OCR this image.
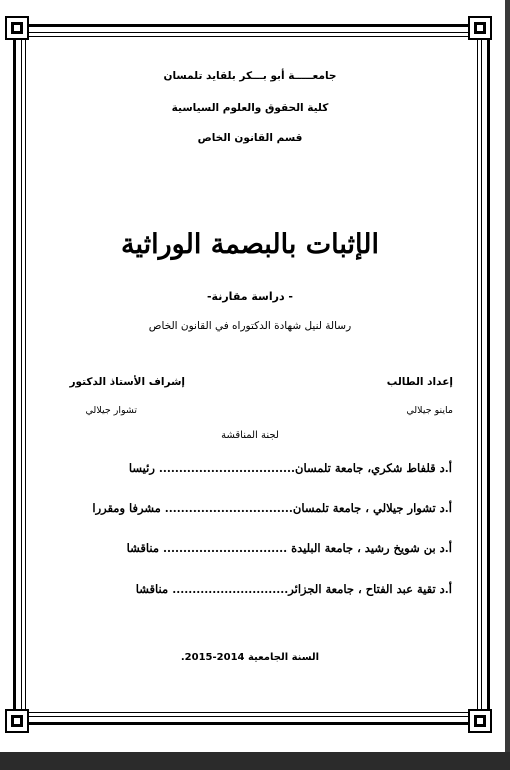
جامعـــــة أبو بـــكر بلقايد تلمسان
كلية الحقوق والعلوم السياسية
قسم القانون الخاص
الإثبات بالبصمة الوراثية
- دراسة مقارنة-
رسالة لنيل شهادة الدكتوراه في القانون الخاص
إعداد الطالب
ماينو جيلالي
إشراف الأستاذ الدكتور
تشوار جيلالي
لجنة المناقشة
أ.د قلفاط شكري، جامعة تلمسان.................................. رئيسا
أ.د تشوار جيلالي ، جامعة تلمسان................................ مشرفا ومقررا
أ.د بن شويخ رشيد ، جامعة البليدة ............................... مناقشا
أ.د تقية عبد الفتاح ، جامعة الجزائر............................. مناقشا
السنة الجامعية 2014-2015.
